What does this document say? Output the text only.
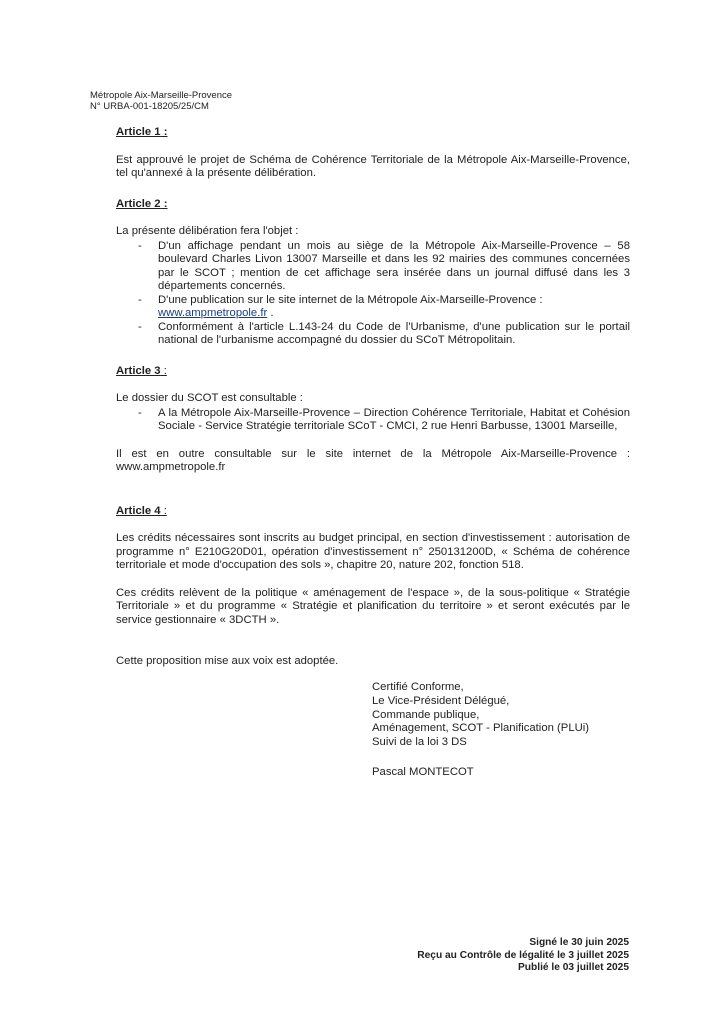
Métropole Aix-Marseille-Provence
N° URBA-001-18205/25/CM
Article 1 :

Est approuvé le projet de Schéma de Cohérence Territoriale de la Métropole Aix-Marseille-Provence, tel qu'annexé à la présente délibération.

Article 2 :

La présente délibération fera l'objet :

- D'un affichage pendant un mois au siège de la Métropole Aix-Marseille-Provence – 58 boulevard Charles Livon 13007 Marseille et dans les 92 mairies des communes concernées par le SCOT ; mention de cet affichage sera insérée dans un journal diffusé dans les 3 départements concernés.
- D'une publication sur le site internet de la Métropole Aix-Marseille-Provence :
www.ampmetropole.fr .
- Conformément à l'article L.143-24 du Code de l'Urbanisme, d'une publication sur le portail national de l'urbanisme accompagné du dossier du SCoT Métropolitain.
Article 3 :

Le dossier du SCOT est consultable :

- A la Métropole Aix-Marseille-Provence – Direction Cohérence Territoriale, Habitat et Cohésion Sociale - Service Stratégie territoriale SCoT - CMCI, 2 rue Henri Barbusse, 13001 Marseille,

Il est en outre consultable sur le site internet de la Métropole Aix-Marseille-Provence : www.ampmetropole.fr

Article 4 :

Les crédits nécessaires sont inscrits au budget principal, en section d'investissement : autorisation de programme n° E210G20D01, opération d'investissement n° 250131200D, « Schéma de cohérence territoriale et mode d'occupation des sols », chapitre 20, nature 202, fonction 518.

Ces crédits relèvent de la politique « aménagement de l'espace », de la sous-politique « Stratégie Territoriale » et du programme « Stratégie et planification du territoire » et seront exécutés par le service gestionnaire « 3DCTH ».

Cette proposition mise aux voix est adoptée.

Certifié Conforme,
Le Vice-Président Délégué,
Commande publique,
Aménagement, SCOT - Planification (PLUi)
Suivi de la loi 3 DS
Pascal MONTECOT
Signé le 30 juin 2025
Reçu au Contrôle de légalité le 3 juillet 2025
Publié le 03 juillet 2025
